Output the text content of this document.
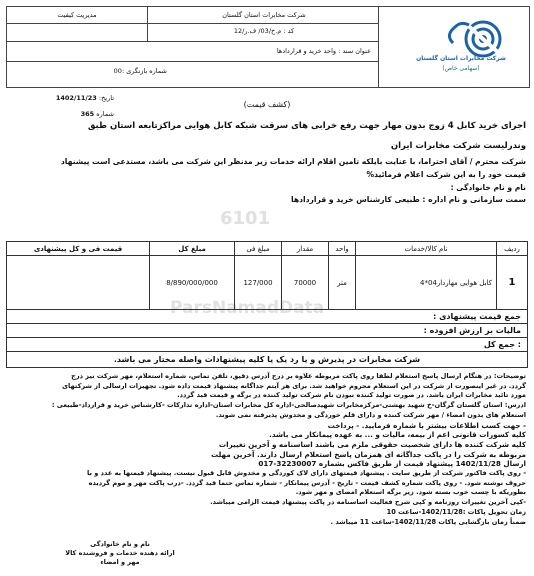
شرکت مخابرات استان گلستان
(سهامی خاص)
شرکت مخابرات استان گلستان
کد : م.خ/03/ ف.ر/12
عنوان سند : واحد خرید و قراردادها
مدیریت کیفیت
شماره بازنگری :00
تاریخ: 1402/11/23
شماره 365
(کشف قیمت)
اجرای خرید کابل 4 زوج بدون مهار جهت رفع خرابی های سرقت شبکه کابل هوایی مراکزتابعه استان طبق
وندرلیست شرکت مخابرات ایران
شرکت محترم / آقای احتراما، با عنایت بایلکه تامین اقلام ارائه خدمات زیر مدنظر این شرکت می باشد، مستدعی است پیشنهاد
قیمت خود را به این شرکت اعلام فرمائید%
نام و نام خانوادگی :
سمت سازمانی و نام اداره : طبیعی کارشناس خرید و قراردادها
6101
ParsNamadData
ردیف	نام کالا/خدمات	واحد	مقدار	مبلغ فی	مبلغ کل	قیمت فی و کل پیشنهادی
1	کابل هوایی مهاردار04*4	متر	70000	127/000	8/890/000/000	
جمع قیمت پیشنهادی :						
مالیات بر ارزش افزوده :						
: جمع کل						
شرکت مخابرات در پذیرش و یا رد یک یا کلیه پیشنهادات واصله مختار می باشد.						
توضیحات: در هنگام ارسال پاسخ استعلام لطفا روی پاکت مربوطه علاوه بر درج آدرس دقیق، تلفن تماس، شماره استعلام، مهر شرکت نیز درج
گردد. در غیر اینصورت از شرکت در این استعلام محروم خواهید شد. برای هر آیتم جداگانه پیشنهاد قیمت داده شود. تجهیزات ارسالی از شرکتهای
مورد تائید مخابرات ایران باشد. در صورت تولید کننده نبودن نام شرکت تولید کننده در برگه و قیمت قید گردد.
ادرس: استان گلستان گرگان-خ شهید بهشتی-مرکزمخابرات شهیدصالحی-اداره کل مخابرات استان-اداره تدارکات -کارشناس خرید و قرارداد-طبیعی :
استعلام های بدون امضاء / مهر شرکت کننده و دارای قلم خوردگی و مخدوش پذیرفته نمی شوند.
- جهت کسب اطلاعات بیشتر با شماره فرمایید. - پرداخت
کلیه کسورات قانونی اعم از بیمه، مالیات و ... به عهده پیمانکار می باشد.
کلیه شرکت کننده ها دارای شخصیت حقوقی ملزم می باشند اساسنامه و آخرین تغییرات
مربوطه به شرکت را در پاکت جداگانه ای همزمان پاسخ استعلام ارسال دارند. آخرین مهلت
ارسال 1402/11/28 پیشنهاد قیمت از طریق فاکس بشماره 32230007-017
- روی پاکت فاکتور شرکت از طریق سایت . پیشنهاد قیمتهای دارای لاک کوردگی و مخدوش قابل قبول نیست. پیشنهاد قیمتها به عدد و با
حروف نوشته شود. - روی پاکت شماره کشف قیمت - تاریخ - آدرس پیمانکار - شماره تماس حتما قید گردد. -درب پاکت مهر و موم گردیده
بطوریکه با چسب خوب بسته شود. زیر برگه استعلام امضای و مهر شود.
-کپی آخرین تغییرات روزنامه و کپی شرح فعالیت اساسنامه در پاکت پیشنهاد قیمت الزامی میباشد.
زمان تحویل پاکات :1402/11/28-ساعت 10
ضمناً زمان بازگشایی پاکات 1402/11/28-ساعت 11 میباشد .
نام و نام خانوادگی
ارائه دهنده خدمات و فروشنده کالا
مهر و امضاء
